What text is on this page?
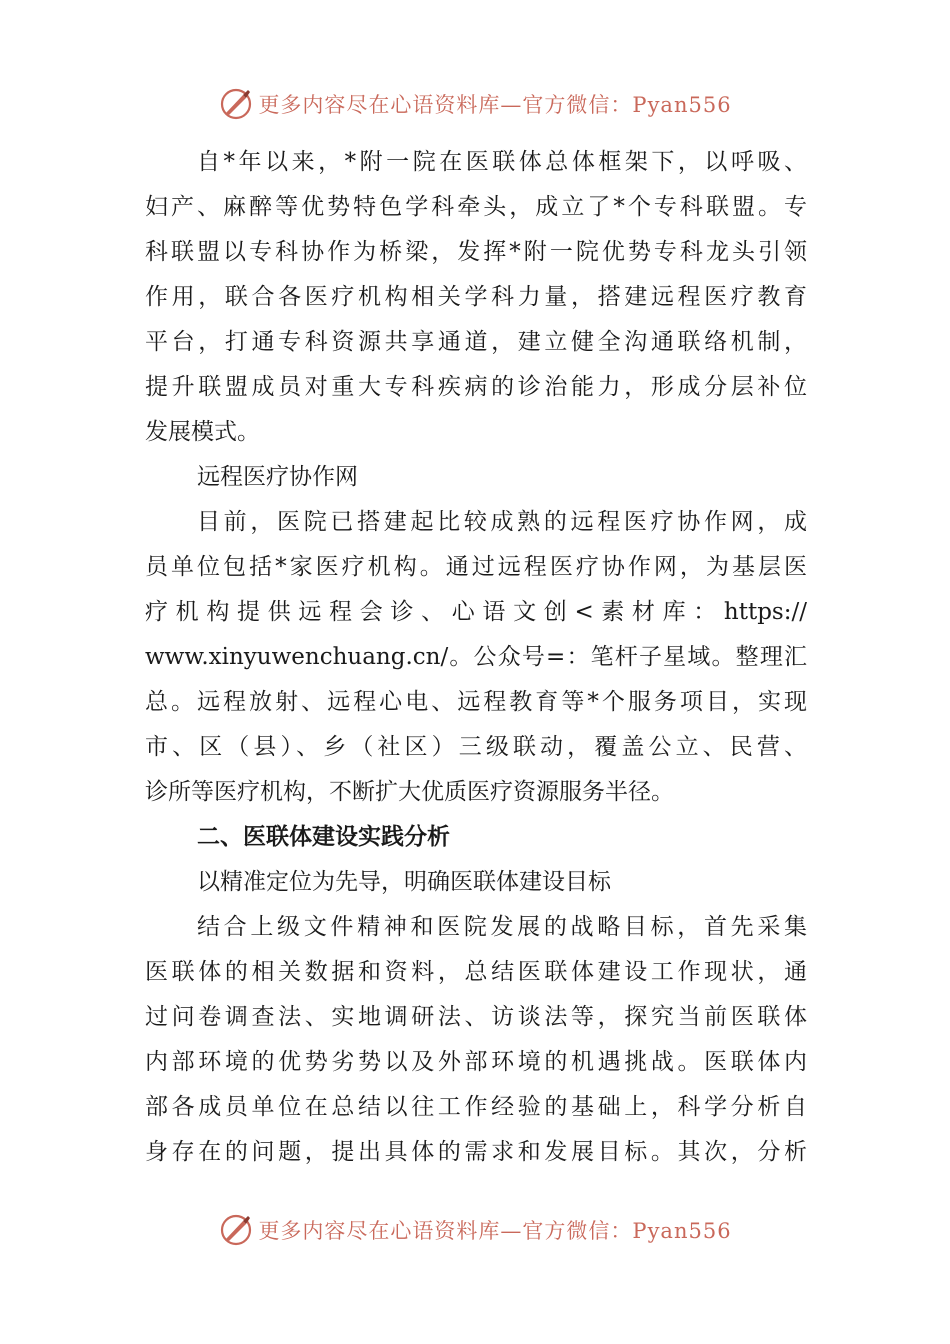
更多内容尽在心语资料库—官方微信：Pyan556
自*年以来，*附一院在医联体总体框架下，以呼吸、
妇产、麻醉等优势特色学科牵头，成立了*个专科联盟。专
科联盟以专科协作为桥梁，发挥*附一院优势专科龙头引领
作用，联合各医疗机构相关学科力量，搭建远程医疗教育
平台，打通专科资源共享通道，建立健全沟通联络机制，
提升联盟成员对重大专科疾病的诊治能力，形成分层补位
发展模式。
远程医疗协作网
目前，医院已搭建起比较成熟的远程医疗协作网，成
员单位包括*家医疗机构。通过远程医疗协作网，为基层医
疗 机 构 提 供 远 程 会 诊 、 心 语 文 创 < 素 材 库 ： https://
www.xinyuwenchuang.cn/。公众号=：笔杆子星域。整理汇
总。远程放射、远程心电、远程教育等*个服务项目，实现
市、区（县）、乡（社区）三级联动，覆盖公立、民营、
诊所等医疗机构，不断扩大优质医疗资源服务半径。
二、医联体建设实践分析
以精准定位为先导，明确医联体建设目标
结合上级文件精神和医院发展的战略目标，首先采集
医联体的相关数据和资料，总结医联体建设工作现状，通
过问卷调查法、实地调研法、访谈法等，探究当前医联体
内部环境的优势劣势以及外部环境的机遇挑战。医联体内
部各成员单位在总结以往工作经验的基础上，科学分析自
身存在的问题，提出具体的需求和发展目标。其次，分析
更多内容尽在心语资料库—官方微信：Pyan556
